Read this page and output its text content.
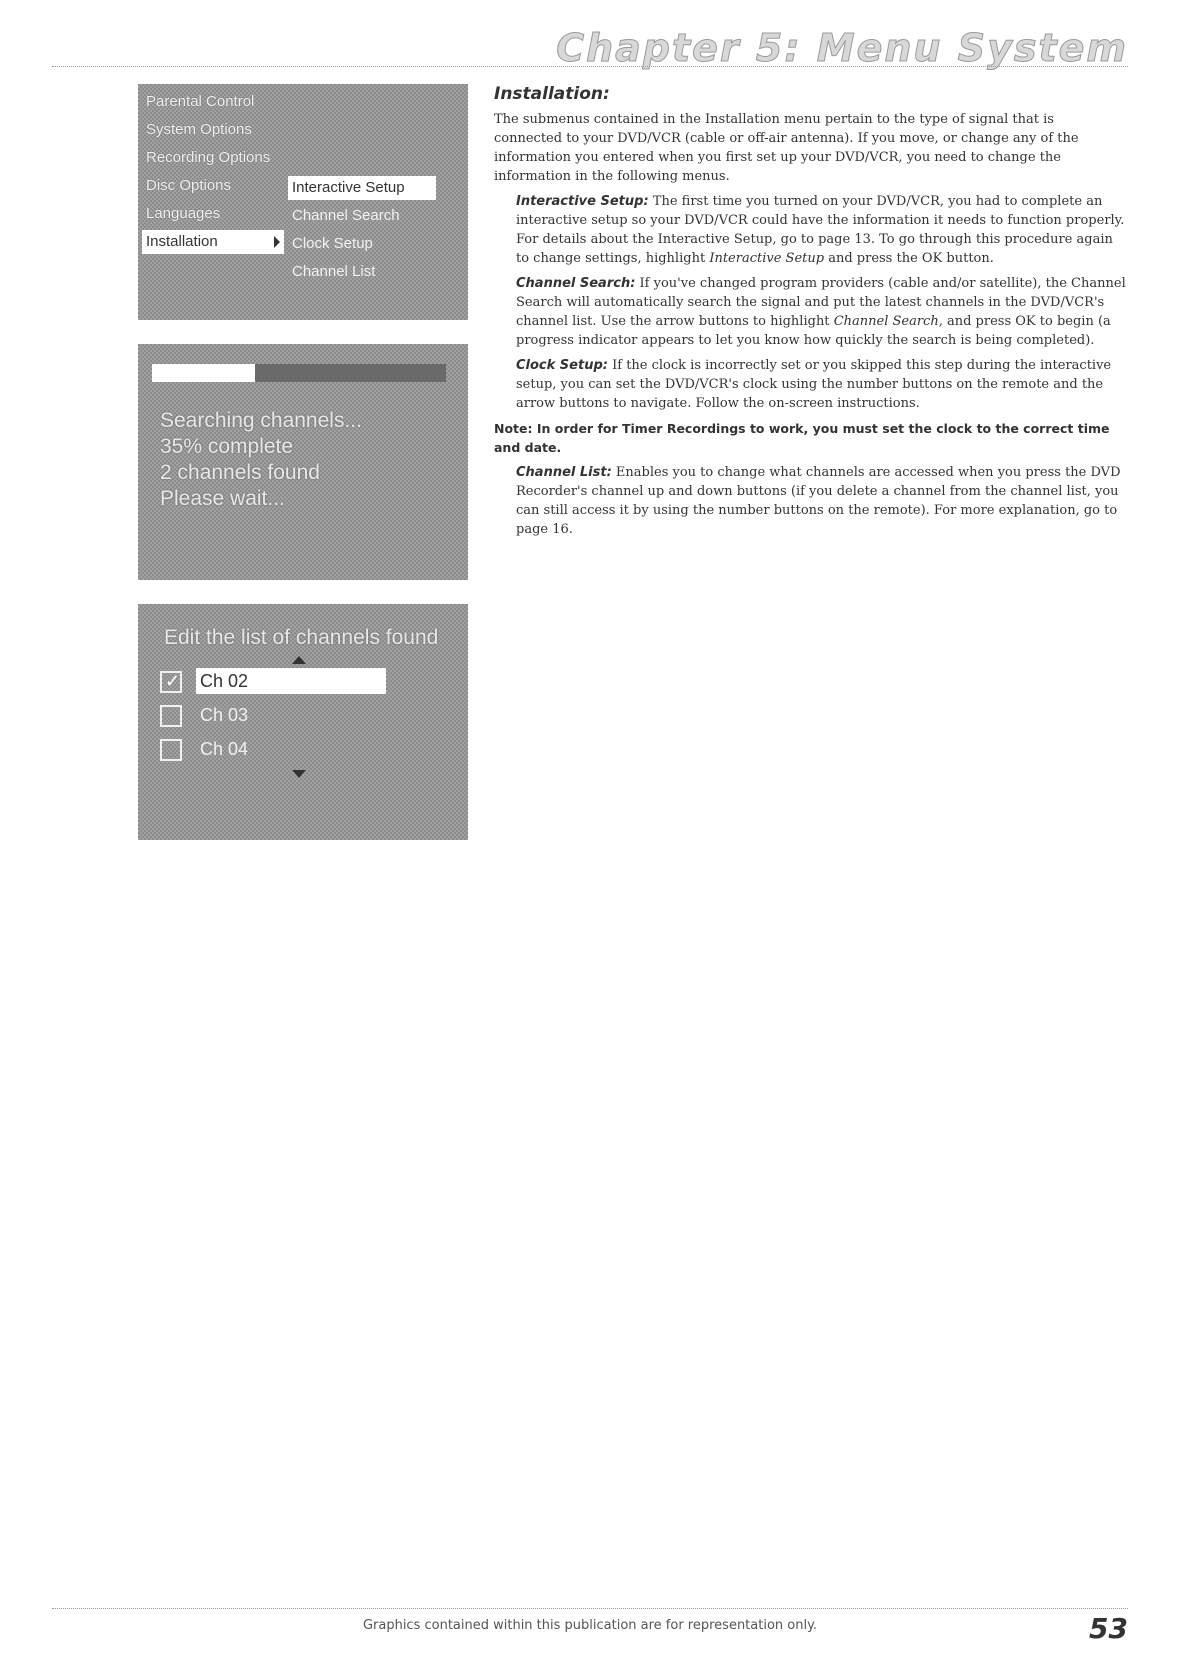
Chapter 5: Menu System
Parental Control
System Options
Recording Options
Disc Options
Languages
Installation
Interactive Setup
Channel Search
Clock Setup
Channel List
Searching channels...
35% complete
2 channels found
Please wait...
Edit the list of channels found
✓ Ch 02
Ch 03
Ch 04
Installation:

The submenus contained in the Installation menu pertain to the type of signal that is connected to your DVD/VCR (cable or off-air antenna). If you move, or change any of the information you entered when you first set up your DVD/VCR, you need to change the information in the following menus.

Interactive Setup: The first time you turned on your DVD/VCR, you had to complete an interactive setup so your DVD/VCR could have the information it needs to function properly. For details about the Interactive Setup, go to page 13. To go through this procedure again to change settings, highlight Interactive Setup and press the OK button.

Channel Search: If you've changed program providers (cable and/or satellite), the Channel Search will automatically search the signal and put the latest channels in the DVD/VCR's channel list. Use the arrow buttons to highlight Channel Search, and press OK to begin (a progress indicator appears to let you know how quickly the search is being completed).

Clock Setup: If the clock is incorrectly set or you skipped this step during the interactive setup, you can set the DVD/VCR's clock using the number buttons on the remote and the arrow buttons to navigate. Follow the on-screen instructions.

Note: In order for Timer Recordings to work, you must set the clock to the correct time and date.

Channel List: Enables you to change what channels are accessed when you press the DVD Recorder's channel up and down buttons (if you delete a channel from the channel list, you can still access it by using the number buttons on the remote). For more explanation, go to page 16.

Graphics contained within this publication are for representation only.	53
